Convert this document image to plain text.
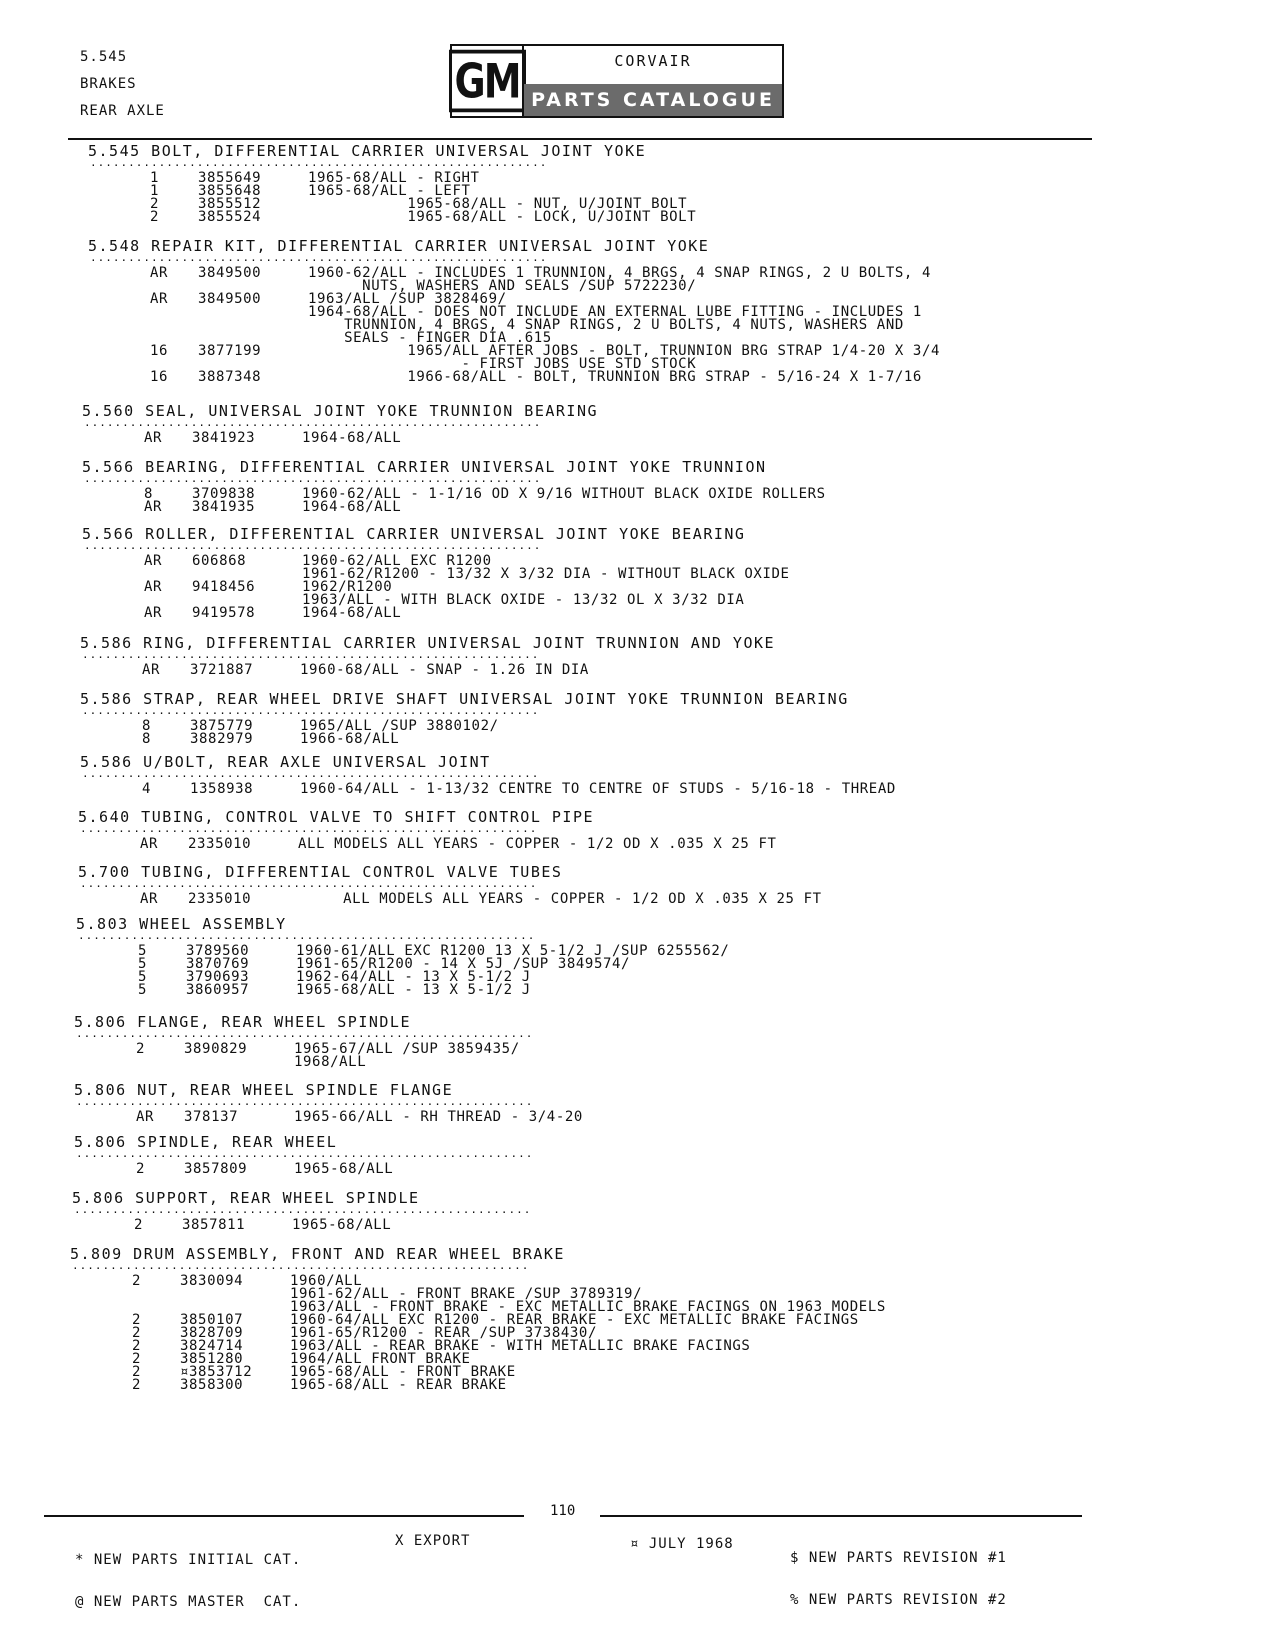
5.545
BRAKES
REAR AXLE
GM	CORVAIR
PARTS CATALOGUE
5.545 BOLT, DIFFERENTIAL CARRIER UNIVERSAL JOINT YOKE
····························································
1	3855649	1965-68/ALL - RIGHT
1	3855648	1965-68/ALL - LEFT
2	3855512	1965-68/ALL - NUT, U/JOINT BOLT
2	3855524	1965-68/ALL - LOCK, U/JOINT BOLT
5.548 REPAIR KIT, DIFFERENTIAL CARRIER UNIVERSAL JOINT YOKE
····························································
AR 3849500	1960-62/ALL - INCLUDES 1 TRUNNION, 4 BRGS, 4 SNAP RINGS, 2 U BOLTS, 4
NUTS, WASHERS AND SEALS /SUP 5722230/
AR 3849500	1963/ALL /SUP 3828469/
1964-68/ALL - DOES NOT INCLUDE AN EXTERNAL LUBE FITTING - INCLUDES 1
TRUNNION, 4 BRGS, 4 SNAP RINGS, 2 U BOLTS, 4 NUTS, WASHERS AND
SEALS - FINGER DIA .615
16 3877199	1965/ALL AFTER JOBS - BOLT, TRUNNION BRG STRAP 1/4-20 X 3/4
- FIRST JOBS USE STD STOCK
16 3887348	1966-68/ALL - BOLT, TRUNNION BRG STRAP - 5/16-24 X 1-7/16
5.560 SEAL, UNIVERSAL JOINT YOKE TRUNNION BEARING
····························································
AR 3841923	1964-68/ALL
5.566 BEARING, DIFFERENTIAL CARRIER UNIVERSAL JOINT YOKE TRUNNION
····························································
8	3709838	1960-62/ALL - 1-1/16 OD X 9/16 WITHOUT BLACK OXIDE ROLLERS
AR 3841935	1964-68/ALL
5.566 ROLLER, DIFFERENTIAL CARRIER UNIVERSAL JOINT YOKE BEARING
····························································
AR 606868	1960-62/ALL EXC R1200
1961-62/R1200 - 13/32 X 3/32 DIA - WITHOUT BLACK OXIDE
AR 9418456	1962/R1200
1963/ALL - WITH BLACK OXIDE - 13/32 OL X 3/32 DIA
AR 9419578	1964-68/ALL
5.586 RING, DIFFERENTIAL CARRIER UNIVERSAL JOINT TRUNNION AND YOKE
····························································
AR 3721887	1960-68/ALL - SNAP - 1.26 IN DIA
5.586 STRAP, REAR WHEEL DRIVE SHAFT UNIVERSAL JOINT YOKE TRUNNION BEARING
····························································
8	3875779	1965/ALL /SUP 3880102/
8	3882979	1966-68/ALL
5.586 U/BOLT, REAR AXLE UNIVERSAL JOINT
····························································
4	1358938	1960-64/ALL - 1-13/32 CENTRE TO CENTRE OF STUDS - 5/16-18 - THREAD
5.640 TUBING, CONTROL VALVE TO SHIFT CONTROL PIPE
····························································
AR 2335010	ALL MODELS ALL YEARS - COPPER - 1/2 OD X .035 X 25 FT
5.700 TUBING, DIFFERENTIAL CONTROL VALVE TUBES
····························································
AR 2335010	ALL MODELS ALL YEARS - COPPER - 1/2 OD X .035 X 25 FT
5.803 WHEEL ASSEMBLY
····························································
5	3789560	1960-61/ALL EXC R1200 13 X 5-1/2 J /SUP 6255562/
5	3870769	1961-65/R1200 - 14 X 5J /SUP 3849574/
5	3790693	1962-64/ALL - 13 X 5-1/2 J
5	3860957	1965-68/ALL - 13 X 5-1/2 J
5.806 FLANGE, REAR WHEEL SPINDLE
····························································
2	3890829	1965-67/ALL /SUP 3859435/
1968/ALL
5.806 NUT, REAR WHEEL SPINDLE FLANGE
····························································
AR 378137	1965-66/ALL - RH THREAD - 3/4-20
5.806 SPINDLE, REAR WHEEL
····························································
2	3857809	1965-68/ALL
5.806 SUPPORT, REAR WHEEL SPINDLE
····························································
2	3857811	1965-68/ALL
5.809 DRUM ASSEMBLY, FRONT AND REAR WHEEL BRAKE
····························································
2	3830094	1960/ALL
1961-62/ALL - FRONT BRAKE /SUP 3789319/
1963/ALL - FRONT BRAKE - EXC METALLIC BRAKE FACINGS ON 1963 MODELS
2	3850107	1960-64/ALL EXC R1200 - REAR BRAKE - EXC METALLIC BRAKE FACINGS
2	3828709	1961-65/R1200 - REAR /SUP 3738430/
2	3824714	1963/ALL - REAR BRAKE - WITH METALLIC BRAKE FACINGS
2	3851280	1964/ALL FRONT BRAKE
2	¤3853712	1965-68/ALL - FRONT BRAKE
2	3858300	1965-68/ALL - REAR BRAKE
110

* NEW PARTS INITIAL CAT.

@ NEW PARTS MASTER  CAT.

X EXPORT	¤ JULY 1968

$ NEW PARTS REVISION #1

% NEW PARTS REVISION #2
